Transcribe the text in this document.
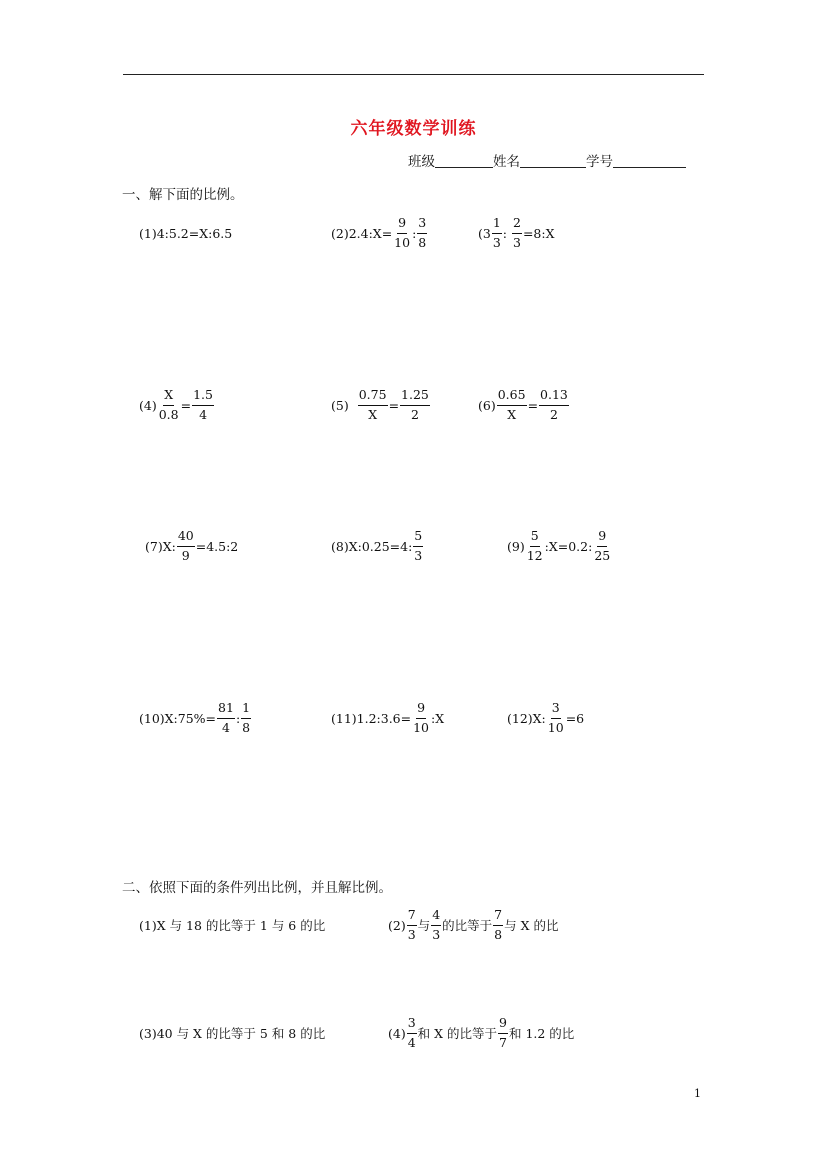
六年级数学训练
班级	姓名	学号
一、解下面的比例。
(1)4:5.2=X:6.5	(2)2.4:X= $\frac{9}{10}$ : $\frac{3}{8}$	($3 \frac{1}{3}$ : $\frac{2}{3}$ =8:X
$(4) \frac{X}{0.8} = \frac{1.5}{4}$	$(5) \frac{0.75}{X} = \frac{1.25}{2}$	$(6) \frac{0.65}{X} = \frac{0.13}{2}$
(7)X: $\frac{40}{9}$ =4.5:2	(8)X:0.25=4: $\frac{5}{3}$	$(9) \frac{5}{12}$ :X=0.2: $\frac{9}{25}$
(10)X:75%= $\frac{81}{4}$ : $\frac{1}{8}$	(11)1.2:3.6= $\frac{9}{10}$ :X	(12)X: $\frac{3}{10} =6$
二、依照下面的条件列出比例，并且解比例。
(1)X 与 18 的比等于 1 与 6 的比	$(2) \frac{7}{3}$ 与 $\frac{4}{3}$ 的比等于 $\frac{7}{8}$ 与 X 的比
(3)40 与 X 的比等于 5 和 8 的比	$(4) \frac{3}{4}$ 和 X 的比等于 $\frac{9}{7}$ 和 1.2 的比
1
